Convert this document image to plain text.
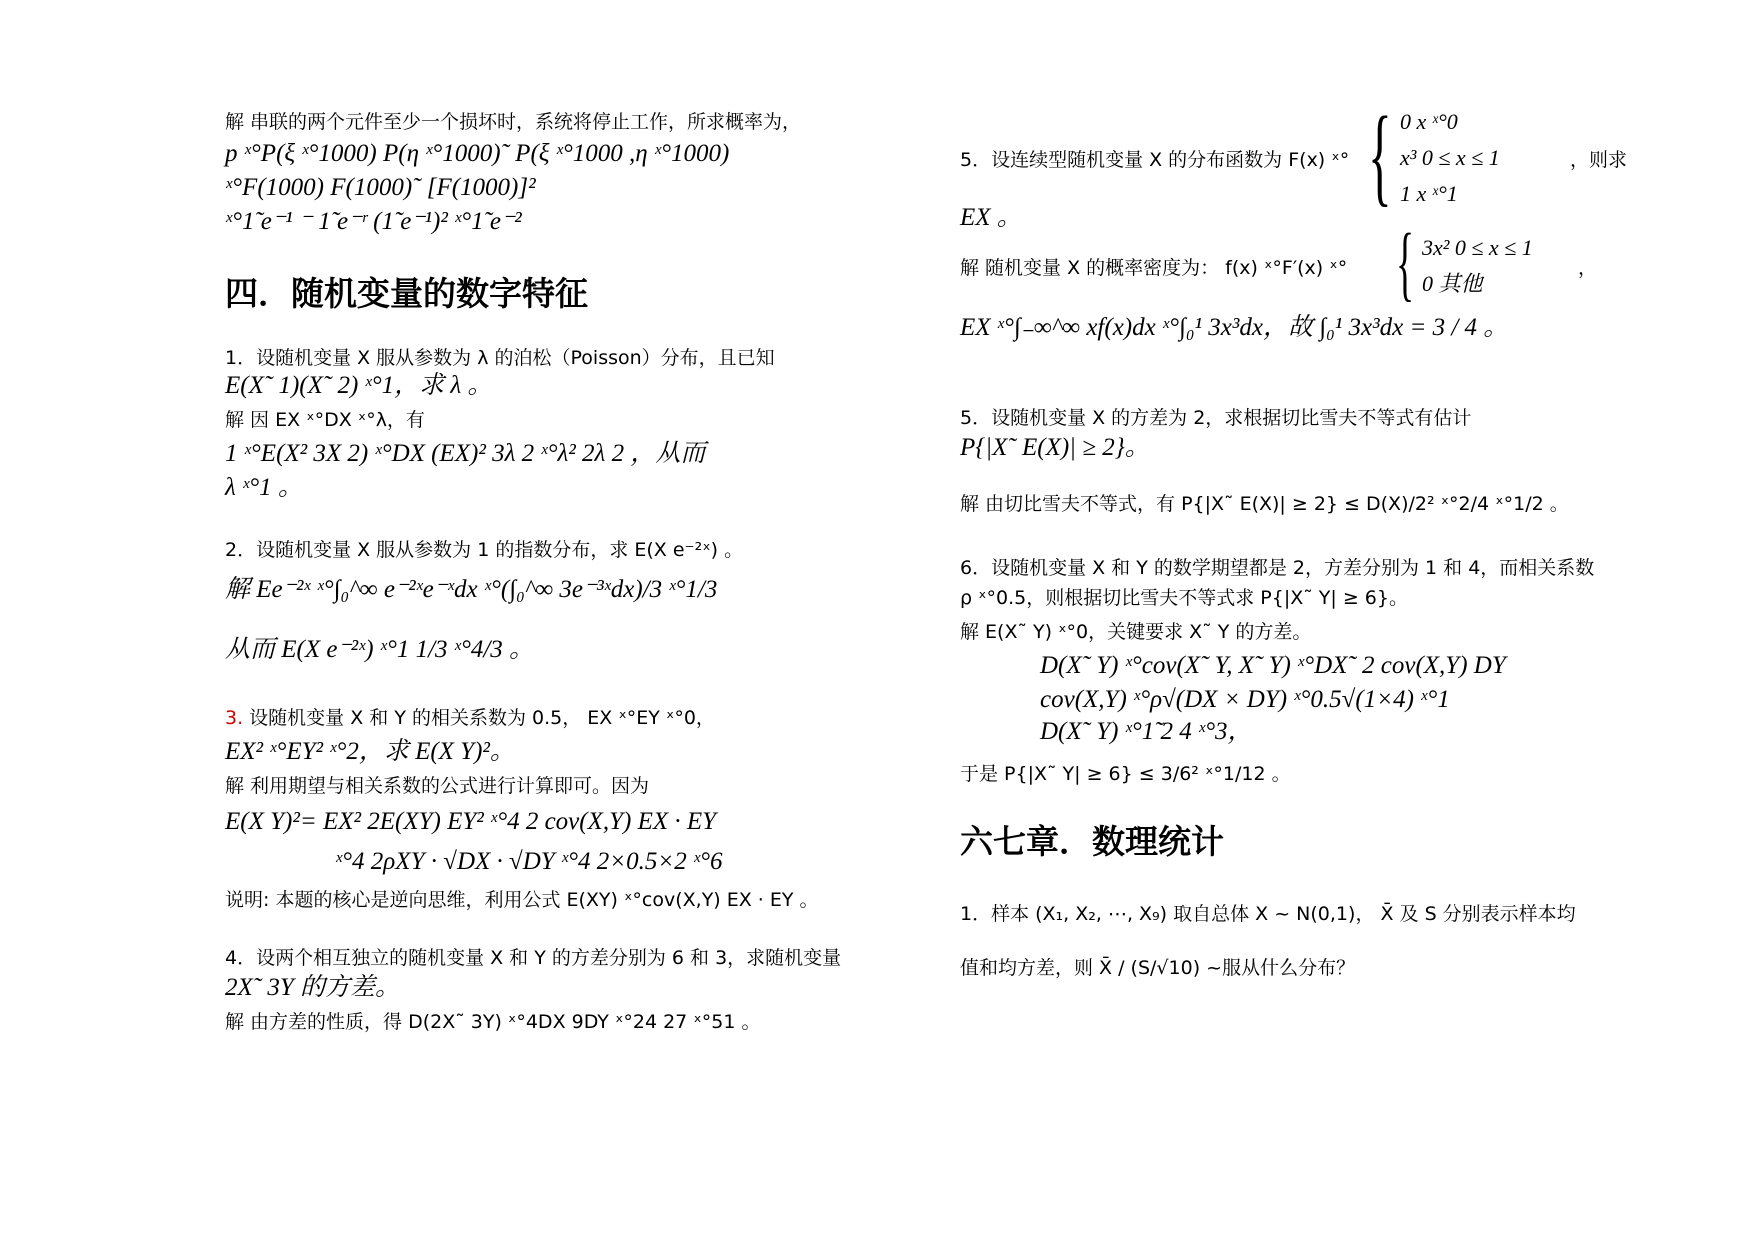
解 串联的两个元件至少一个损坏时，系统将停止工作，所求概率为，
p ˣ°P(ξ ˣ°1000) P(η ˣ°1000)˜ P(ξ ˣ°1000 ,η ˣ°1000)
ˣ°F(1000) F(1000)˜ [F(1000)]²
ˣ°1̃ e⁻¹ ⁻ 1̃ e⁻ʳ (1̃ e⁻¹)² ˣ°1̃ e⁻²
四．随机变量的数字特征
1．设随机变量 X 服从参数为 λ 的泊松（Poisson）分布，且已知
E(X˜ 1)(X˜ 2) ˣ°1，求 λ 。
解 因 EX ˣ°DX ˣ°λ，有
1 ˣ°E(X² 3X 2) ˣ°DX (EX)² 3λ 2 ˣ°λ² 2λ 2 ，从而
λ ˣ°1 。
2．设随机变量 X 服从参数为 1 的指数分布，求 E(X e⁻²ˣ) 。
解 Ee⁻²ˣ ˣ°∫₀^∞ e⁻²ˣe⁻ˣdx ˣ°(∫₀^∞ 3e⁻³ˣdx)/3 ˣ°1/3
从而 E(X e⁻²ˣ) ˣ°1 1/3 ˣ°4/3 。
3. 设随机变量 X 和 Y 的相关系数为 0.5， EX ˣ°EY ˣ°0，
EX² ˣ°EY² ˣ°2，求 E(X Y)²。
解 利用期望与相关系数的公式进行计算即可。因为
E(X Y)²= EX² 2E(XY) EY² ˣ°4 2 cov(X,Y) EX · EY
ˣ°4 2ρXY · √DX · √DY ˣ°4 2×0.5×2 ˣ°6
说明: 本题的核心是逆向思维，利用公式 E(XY) ˣ°cov(X,Y) EX · EY 。
4．设两个相互独立的随机变量 X 和 Y 的方差分别为 6 和 3，求随机变量
2X˜ 3Y 的方差。
解 由方差的性质，得 D(2X˜ 3Y) ˣ°4DX 9DY ˣ°24 27 ˣ°51 。
5．设连续型随机变量 X 的分布函数为 F(x) ˣ° { 0 x ˣ°0
x³ 0 ≤ x ≤ 1
1 x ˣ°1
，则求
EX 。
解 随机变量 X 的概率密度为： f(x) ˣ°F′(x) ˣ° { 3x² 0 ≤ x ≤ 1
0 其他
，
EX ˣ°∫₋∞^∞ xf(x)dx ˣ°∫₀¹ 3x³dx，故 ∫₀¹ 3x³dx = 3 / 4 。
5．设随机变量 X 的方差为 2，求根据切比雪夫不等式有估计
P{|X˜ E(X)| ≥ 2}。
解 由切比雪夫不等式，有 P{|X˜ E(X)| ≥ 2} ≤ D(X)/2² ˣ°2/4 ˣ°1/2 。
6．设随机变量 X 和 Y 的数学期望都是 2，方差分别为 1 和 4，而相关系数
ρ ˣ°0.5，则根据切比雪夫不等式求 P{|X˜ Y| ≥ 6}。
解 E(X˜ Y) ˣ°0，关键要求 X˜ Y 的方差。
D(X˜ Y) ˣ°cov(X˜ Y, X˜ Y) ˣ°DX˜ 2 cov(X,Y) DY
cov(X,Y) ˣ°ρ√(DX × DY) ˣ°0.5√(1×4) ˣ°1
D(X˜ Y) ˣ°1̃ 2 4 ˣ°3，
于是 P{|X˜ Y| ≥ 6} ≤ 3/6² ˣ°1/12 。
六七章．数理统计
1．样本 (X₁, X₂, ⋯, X₉) 取自总体 X ~ N(0,1)， X̄ 及 S 分别表示样本均
值和均方差，则 X̄ / (S/√10) ~服从什么分布？
